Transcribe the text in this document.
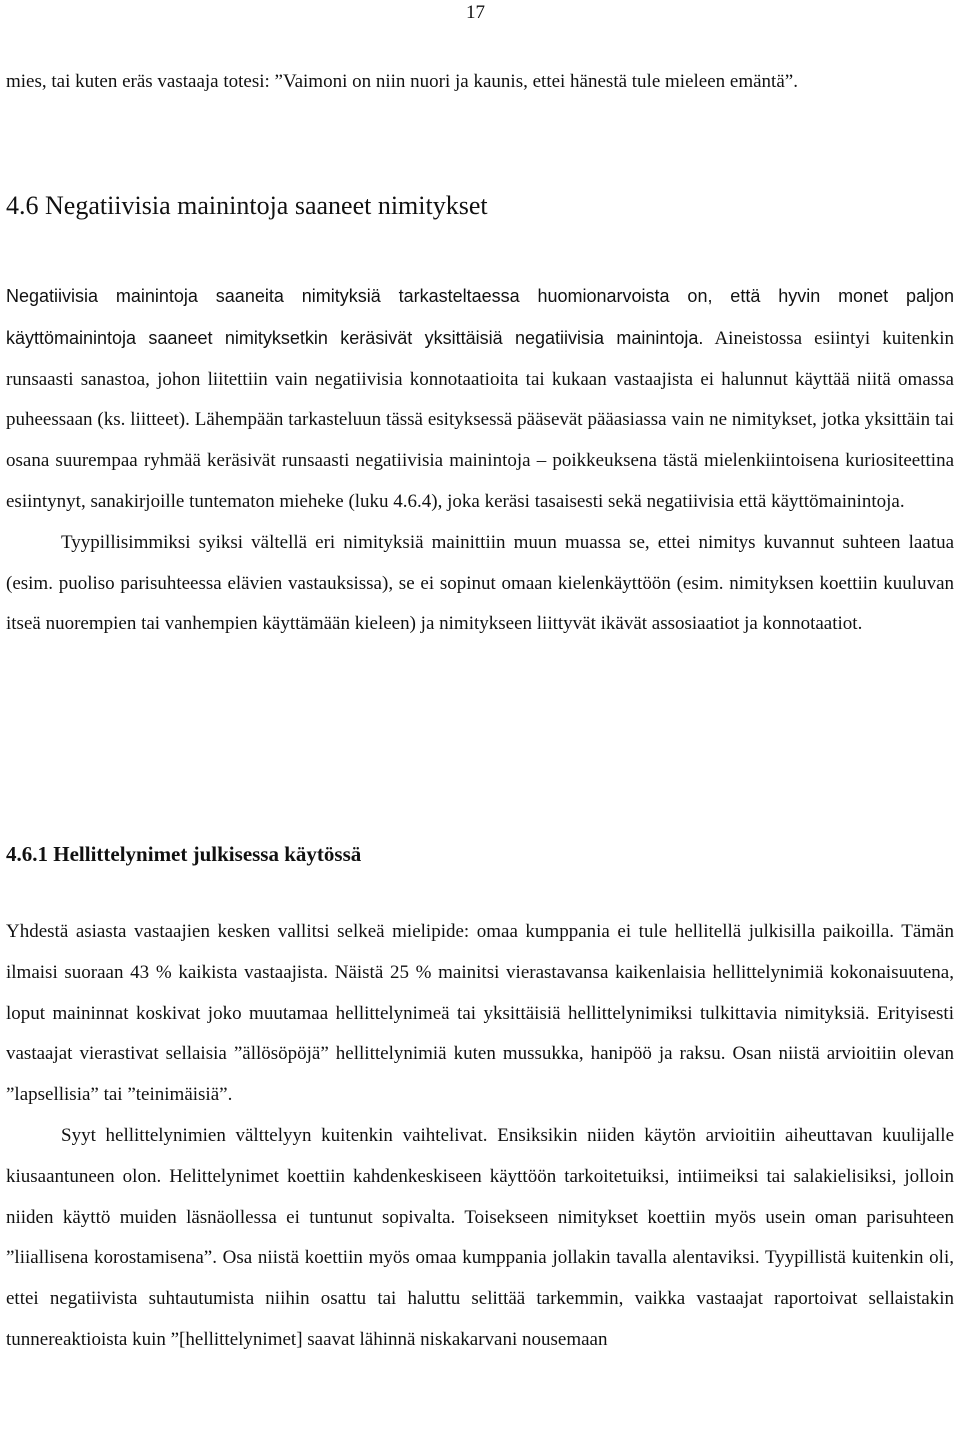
17

mies, tai kuten eräs vastaaja totesi: ”Vaimoni on niin nuori ja kaunis, ettei hänestä tule mieleen emäntä”.

4.6 Negatiivisia mainintoja saaneet nimitykset

Negatiivisia mainintoja saaneita nimityksiä tarkasteltaessa huomionarvoista on, että hyvin monet paljon käyttömainintoja saaneet nimityksetkin keräsivät yksittäisiä negatiivisia mainintoja. Aineistossa esiintyi kuitenkin runsaasti sanastoa, johon liitettiin vain negatiivisia konnotaatioita tai kukaan vastaajista ei halunnut käyttää niitä omassa puheessaan (ks. liitteet). Lähempään tarkasteluun tässä esityksessä pääsevät pääasiassa vain ne nimitykset, jotka yksittäin tai osana suurempaa ryhmää keräsivät runsaasti negatiivisia mainintoja – poikkeuksena tästä mielenkiintoisena kuriositeettina esiintynyt, sanakirjoille tuntematon mieheke (luku 4.6.4), joka keräsi tasaisesti sekä negatiivisia että käyttömainintoja.

Tyypillisimmiksi syiksi vältellä eri nimityksiä mainittiin muun muassa se, ettei nimitys kuvannut suhteen laatua (esim. puoliso parisuhteessa elävien vastauksissa), se ei sopinut omaan kielenkäyttöön (esim. nimityksen koettiin kuuluvan itseä nuorempien tai vanhempien käyttämään kieleen) ja nimitykseen liittyvät ikävät assosiaatiot ja konnotaatiot.

4.6.1 Hellittelynimet julkisessa käytössä

Yhdestä asiasta vastaajien kesken vallitsi selkeä mielipide: omaa kumppania ei tule hellitellä julkisilla paikoilla. Tämän ilmaisi suoraan 43 % kaikista vastaajista. Näistä 25 % mainitsi vierastavansa kaikenlaisia hellittelynimiä kokonaisuutena, loput maininnat koskivat joko muutamaa hellittelynimeä tai yksittäisiä hellittelynimiksi tulkittavia nimityksiä. Erityisesti vastaajat vierastivat sellaisia ”ällösöpöjä” hellittelynimiä kuten mussukka, hanipöö ja raksu. Osan niistä arvioitiin olevan ”lapsellisia” tai ”teinimäisiä”.

Syyt hellittelynimien välttelyyn kuitenkin vaihtelivat. Ensiksikin niiden käytön arvioitiin aiheuttavan kuulijalle kiusaantuneen olon. Helittelynimet koettiin kahdenkeskiseen käyttöön tarkoitetuiksi, intiimeiksi tai salakielisiksi, jolloin niiden käyttö muiden läsnäollessa ei tuntunut sopivalta. Toisekseen nimitykset koettiin myös usein oman parisuhteen ”liiallisena korostamisena”. Osa niistä koettiin myös omaa kumppania jollakin tavalla alentaviksi. Tyypillistä kuitenkin oli, ettei negatiivista suhtautumista niihin osattu tai haluttu selittää tarkemmin, vaikka vastaajat raportoivat sellaistakin tunnereaktioista kuin ”[hellittelynimet] saavat lähinnä niskakarvani nousemaan
